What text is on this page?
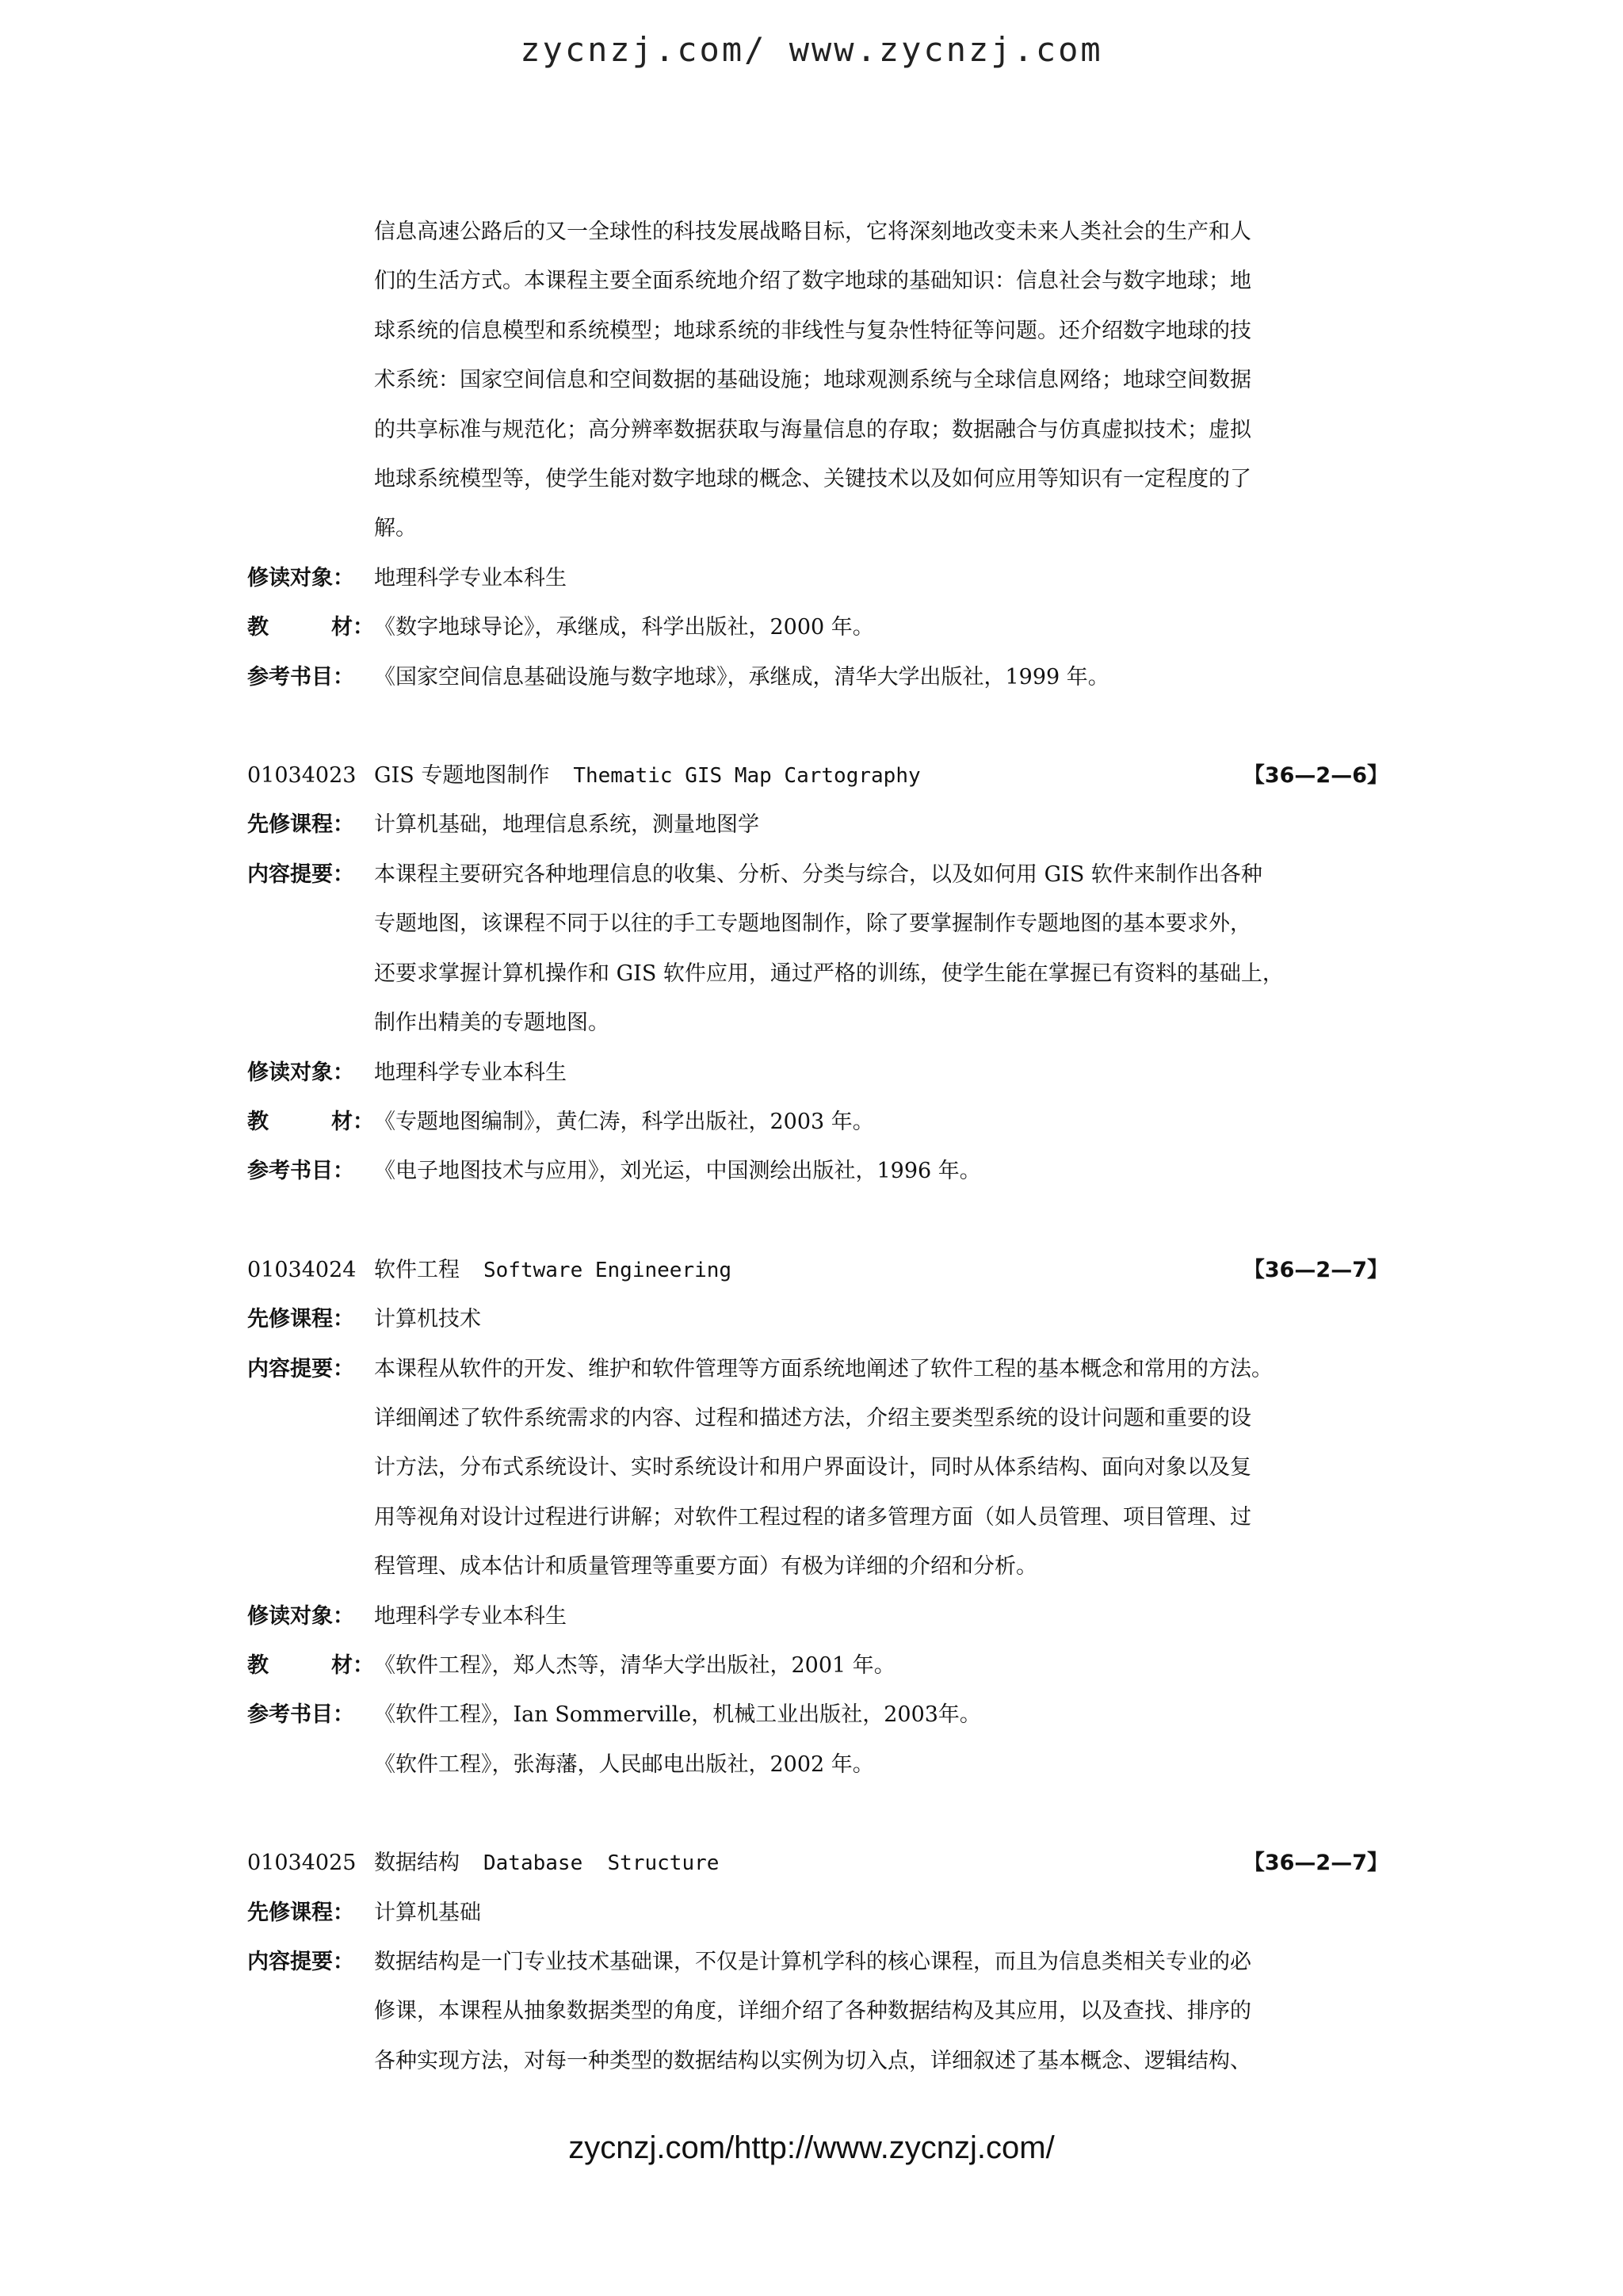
zycnzj.com/ www.zycnzj.com
信息高速公路后的又一全球性的科技发展战略目标，它将深刻地改变未来人类社会的生产和人
们的生活方式。本课程主要全面系统地介绍了数字地球的基础知识：信息社会与数字地球；地
球系统的信息模型和系统模型；地球系统的非线性与复杂性特征等问题。还介绍数字地球的技
术系统：国家空间信息和空间数据的基础设施；地球观测系统与全球信息网络；地球空间数据
的共享标准与规范化；高分辨率数据获取与海量信息的存取；数据融合与仿真虚拟技术；虚拟
地球系统模型等，使学生能对数字地球的概念、关键技术以及如何应用等知识有一定程度的了
解。
修读对象： 地理科学专业本科生
教	材： 《数字地球导论》，承继成，科学出版社，2000 年。
参考书目： 《国家空间信息基础设施与数字地球》，承继成，清华大学出版社，1999 年。
01034023 GIS 专题地图制作 Thematic GIS Map Cartography	【36—2—6】
先修课程： 计算机基础，地理信息系统，测量地图学
内容提要： 本课程主要研究各种地理信息的收集、分析、分类与综合，以及如何用 GIS 软件来制作出各种
专题地图，该课程不同于以往的手工专题地图制作，除了要掌握制作专题地图的基本要求外，
还要求掌握计算机操作和 GIS 软件应用，通过严格的训练，使学生能在掌握已有资料的基础上，
制作出精美的专题地图。
修读对象： 地理科学专业本科生
教	材： 《专题地图编制》，黄仁涛，科学出版社，2003 年。
参考书目： 《电子地图技术与应用》，刘光运，中国测绘出版社，1996 年。
01034024 软件工程 Software Engineering	【36—2—7】
先修课程： 计算机技术
内容提要： 本课程从软件的开发、维护和软件管理等方面系统地阐述了软件工程的基本概念和常用的方法。
详细阐述了软件系统需求的内容、过程和描述方法，介绍主要类型系统的设计问题和重要的设
计方法，分布式系统设计、实时系统设计和用户界面设计，同时从体系结构、面向对象以及复
用等视角对设计过程进行讲解；对软件工程过程的诸多管理方面（如人员管理、项目管理、过
程管理、成本估计和质量管理等重要方面）有极为详细的介绍和分析。
修读对象： 地理科学专业本科生
教	材： 《软件工程》，郑人杰等，清华大学出版社，2001 年。
参考书目： 《软件工程》，Ian Sommerville，机械工业出版社，2003年。
《软件工程》，张海藩，人民邮电出版社，2002 年。
01034025 数据结构 Database  Structure	【36—2—7】
先修课程： 计算机基础
内容提要： 数据结构是一门专业技术基础课，不仅是计算机学科的核心课程，而且为信息类相关专业的必
修课，本课程从抽象数据类型的角度，详细介绍了各种数据结构及其应用，以及查找、排序的
各种实现方法，对每一种类型的数据结构以实例为切入点，详细叙述了基本概念、逻辑结构、
zycnzj.com/http://www.zycnzj.com/
